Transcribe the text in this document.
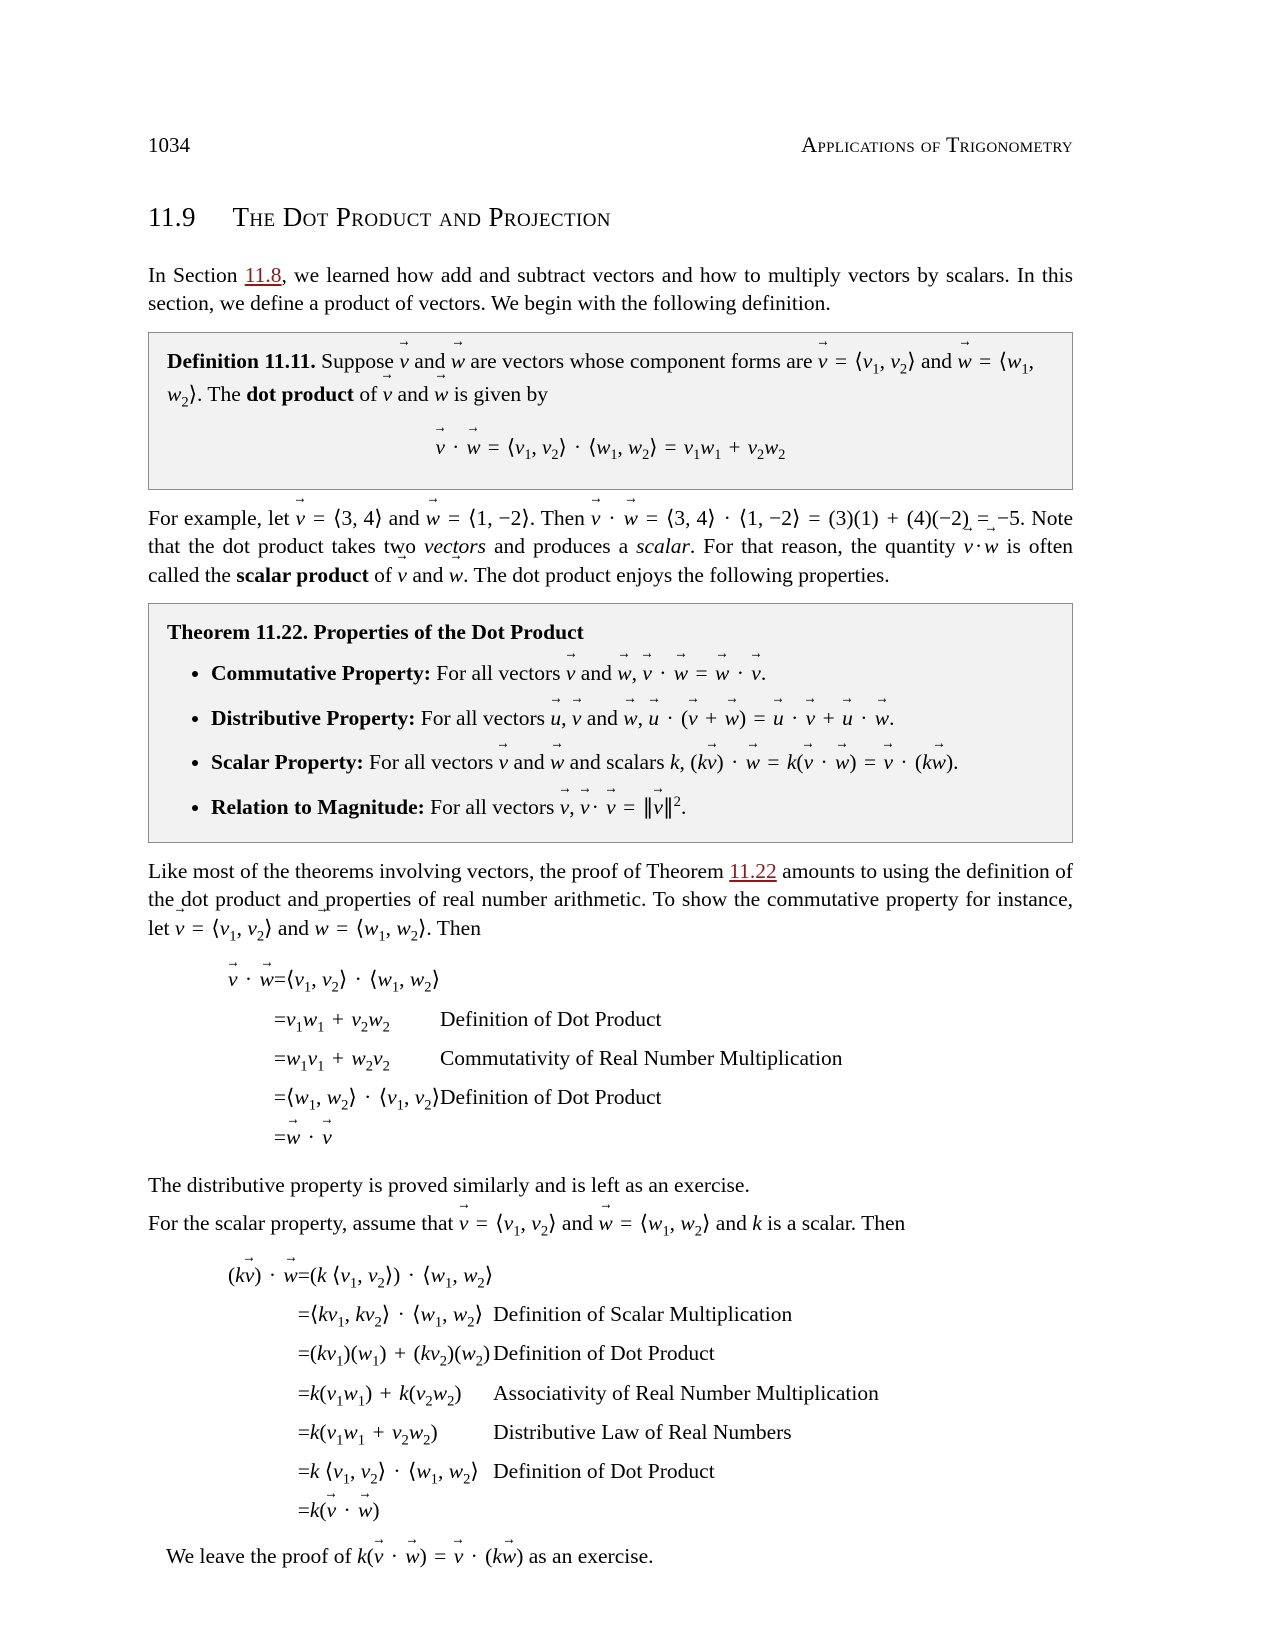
1034	Applications of Trigonometry
11.9 The Dot Product and Projection

In Section 11.8, we learned how add and subtract vectors and how to multiply vectors by scalars. In this section, we define a product of vectors. We begin with the following definition.

Definition 11.11. Suppose v → and w → are vectors whose component forms are v → = $⟨v_1$, $v_2⟩$ and w → = $⟨w_1$, $w_2⟩$. The dot product of v → and w → is given by
v → · w → = $⟨v_1$, $v_2⟩$ · $⟨w_1$, $w_2⟩ = v_1w_1 + v_2w_2$

For example, let v → = ⟨3, 4⟩ and w → = ⟨1, −2⟩. Then v → · w → = ⟨3, 4⟩ · ⟨1, −2⟩ = (3)(1) + (4)(−2) = −5. Note that the dot product takes two vectors and produces a scalar. For that reason, the quantity v →·w → is often called the scalar product of v → and w →. The dot product enjoys the following properties.

Theorem 11.22. Properties of the Dot Product
• Commutative Property: For all vectors v → and w →, v → · w → = w → · v →.
• Distributive Property: For all vectors u →, v → and w →, u → · (v → + w →) = u → · v → + u → · w →.
• Scalar Property: For all vectors v → and w → and scalars k, (kv →) · w → = k(v → · w →) = v → · (kw →).
• Relation to Magnitude: For all vectors v →, v →· v → = ∥v →∥$^2$.

Like most of the theorems involving vectors, the proof of Theorem 11.22 amounts to using the definition of the dot product and properties of real number arithmetic. To show the commutative property for instance, let v → = $⟨v_1$, $v_2⟩$ and w → = $⟨w_1$, $w_2⟩$. Then

v → · w →	=	$⟨v_1$, $v_2⟩$ · $⟨w_1$, $w_2⟩$	
	=	$v_1w_1 + v_2w_2$	Definition of Dot Product
	=	$w_1v_1 + w_2v_2$	Commutativity of Real Number Multiplication
	=	$⟨w_1$, $w_2⟩$ · $⟨v_1$, $v_2⟩$	Definition of Dot Product
	=	w → · v →	

The distributive property is proved similarly and is left as an exercise.

For the scalar property, assume that v → = $⟨v_1$, $v_2⟩$ and w → = $⟨w_1$, $w_2⟩$ and k is a scalar. Then

(kv →) · w →	=	(k $⟨v_1$, $v_2⟩$) · $⟨w_1$, $w_2⟩$	
	=	$⟨kv_1$, $kv_2⟩$ · $⟨w_1$, $w_2⟩$	Definition of Scalar Multiplication
	=	$(kv_1)(w_1) + (kv_2)(w_2)$	Definition of Dot Product
	=	$k(v_1w_1) + k(v_2w_2)$	Associativity of Real Number Multiplication
	=	$k(v_1w_1 + v_2w_2)$	Distributive Law of Real Numbers
	=	k $⟨v_1$, $v_2⟩$ · $⟨w_1$, $w_2⟩$	Definition of Dot Product
	=	k(v → · w →)	

We leave the proof of k(v → · w →) = v → · (kw →) as an exercise.
